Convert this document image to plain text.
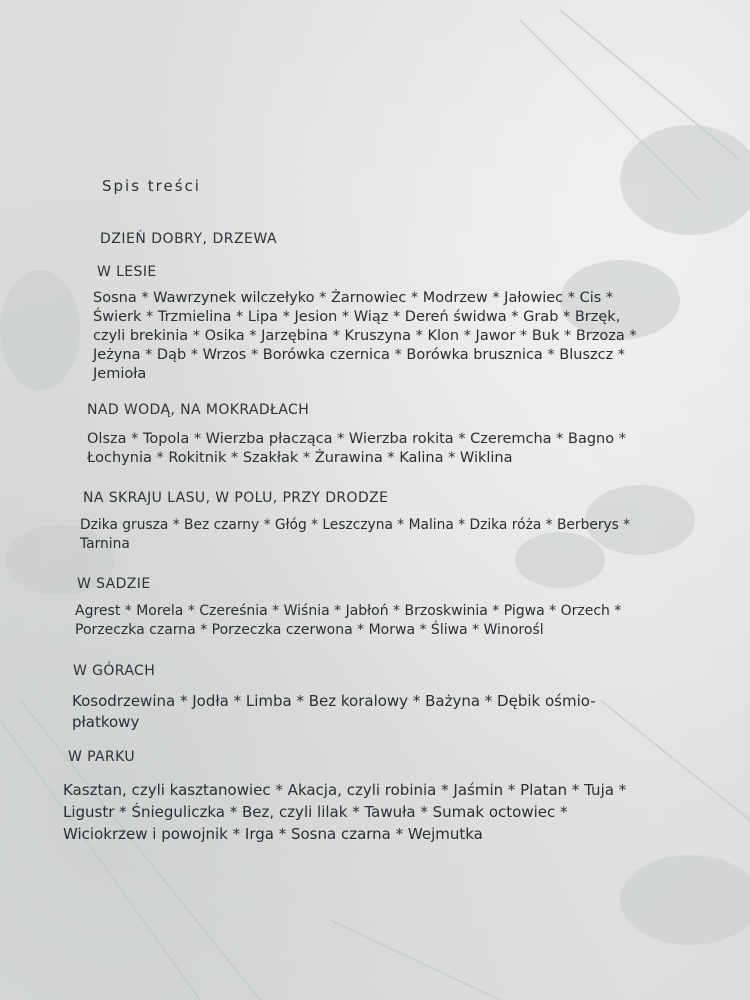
Spis treści
DZIEŃ DOBRY, DRZEWA
W LESIE
Sosna * Wawrzynek wilczełyko * Żarnowiec * Modrzew * Jałowiec * Cis *
Świerk * Trzmielina * Lipa * Jesion * Wiąz * Dereń świdwa * Grab * Brzęk,
czyli brekinia * Osika * Jarzębina * Kruszyna * Klon * Jawor * Buk * Brzoza *
Jeżyna * Dąb * Wrzos * Borówka czernica * Borówka brusznica * Bluszcz *
Jemioła
NAD WODĄ, NA MOKRADŁACH
Olsza * Topola * Wierzba płacząca * Wierzba rokita * Czeremcha * Bagno *
Łochynia * Rokitnik * Szakłak * Żurawina * Kalina * Wiklina
NA SKRAJU LASU, W POLU, PRZY DRODZE
Dzika grusza * Bez czarny * Głóg * Leszczyna * Malina * Dzika róża * Berberys *
Tarnina
W SADZIE
Agrest * Morela * Czereśnia * Wiśnia * Jabłoń * Brzoskwinia * Pigwa * Orzech *
Porzeczka czarna * Porzeczka czerwona * Morwa * Śliwa * Winorośl
W GÓRACH
Kosodrzewina * Jodła * Limba * Bez koralowy * Bażyna * Dębik ośmio-
płatkowy
W PARKU
Kasztan, czyli kasztanowiec * Akacja, czyli robinia * Jaśmin * Platan * Tuja *
Ligustr * Śnieguliczka * Bez, czyli lilak * Tawuła * Sumak octowiec *
Wiciokrzew i powojnik * Irga * Sosna czarna * Wejmutka
